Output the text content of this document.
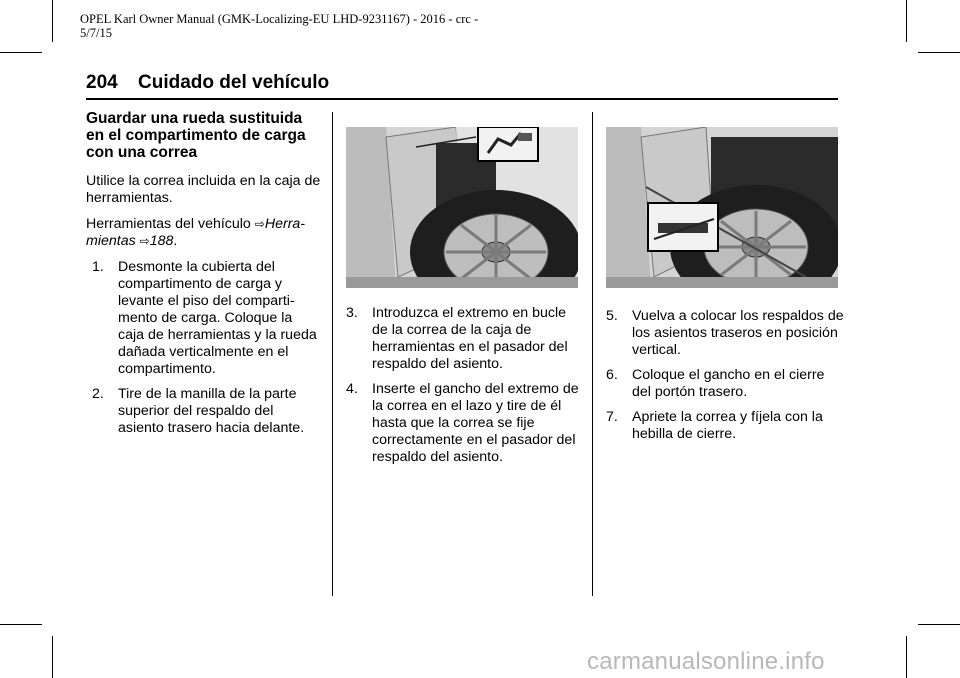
OPEL Karl Owner Manual (GMK-Localizing-EU LHD-9231167) - 2016 - crc -
5/7/15
204 Cuidado del vehículo
Guardar una rueda sustituida en el compartimento de carga con una correa

Utilice la correa incluida en la caja de herramientas.

Herramientas del vehículo ⇨Herra-mientas ⇨188.

1. Desmonte la cubierta del compartimento de carga y levante el piso del comparti-mento de carga. Coloque la caja de herramientas y la rueda dañada verticalmente en el compartimento.
2. Tire de la manilla de la parte superior del respaldo del asiento trasero hacia delante.
3. Introduzca el extremo en bucle de la correa de la caja de herramientas en el pasador del respaldo del asiento.
4. Inserte el gancho del extremo de la correa en el lazo y tire de él hasta que la correa se fije correctamente en el pasador del respaldo del asiento.
5. Vuelva a colocar los respaldos de los asientos traseros en posición vertical.
6. Coloque el gancho en el cierre del portón trasero.
7. Apriete la correa y fíjela con la hebilla de cierre.
carmanualsonline.info
